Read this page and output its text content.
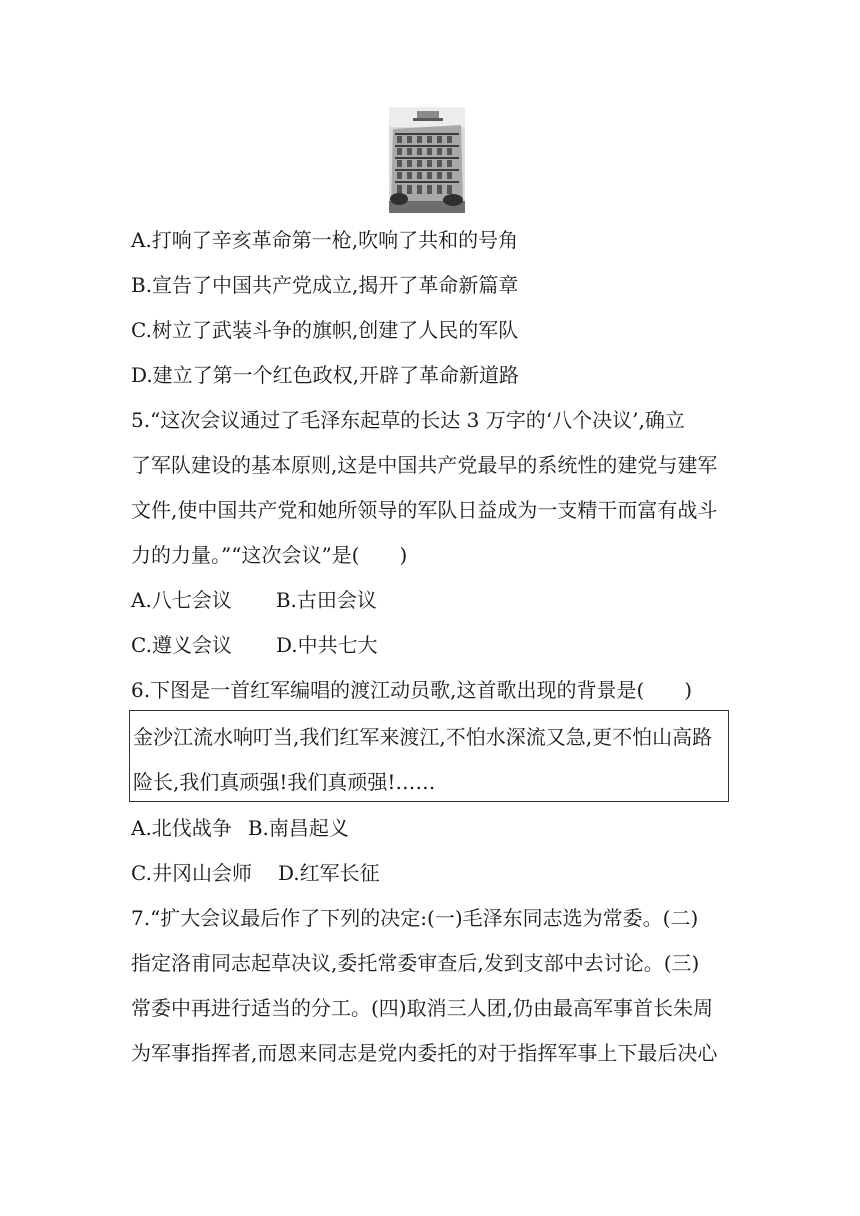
A.打响了辛亥革命第一枪,吹响了共和的号角
B.宣告了中国共产党成立,揭开了革命新篇章
C.树立了武装斗争的旗帜,创建了人民的军队
D.建立了第一个红色政权,开辟了革命新道路
5.“这次会议通过了毛泽东起草的长达 3 万字的‘八个决议’,确立
了军队建设的基本原则,这是中国共产党最早的系统性的建党与建军
文件,使中国共产党和她所领导的军队日益成为一支精干而富有战斗
力的力量。”“这次会议”是(　　)
A.八七会议 B.古田会议
C.遵义会议 D.中共七大
6.下图是一首红军编唱的渡江动员歌,这首歌出现的背景是(　　)
金沙江流水响叮当,我们红军来渡江,不怕水深流又急,更不怕山高路
险长,我们真顽强!我们真顽强!……
A.北伐战争 B.南昌起义
C.井冈山会师 D.红军长征
7.“扩大会议最后作了下列的决定:(一)毛泽东同志选为常委。(二)
指定洛甫同志起草决议,委托常委审查后,发到支部中去讨论。(三)
常委中再进行适当的分工。(四)取消三人团,仍由最高军事首长朱周
为军事指挥者,而恩来同志是党内委托的对于指挥军事上下最后决心
